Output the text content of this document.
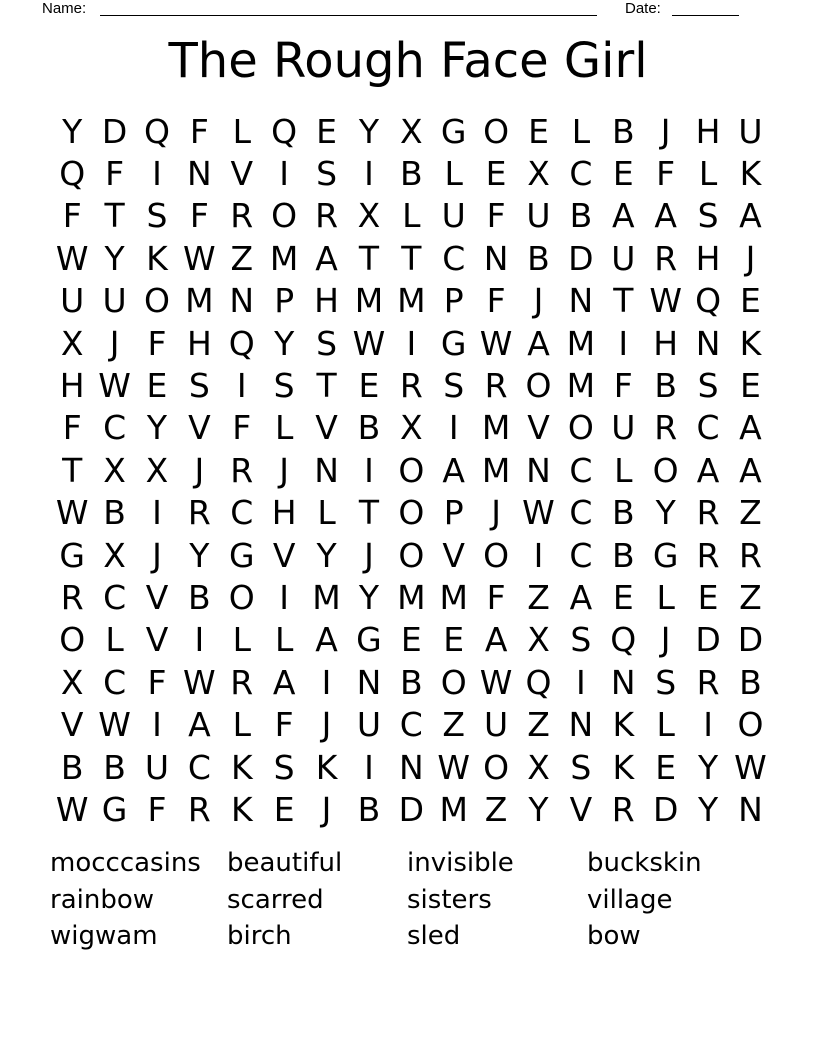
Name:	Date:
The Rough Face Girl
Y D Q F L Q E Y X G O E L B J H U
Q F I N V I S I B L E X C E F L K
F T S F R O R X L U F U B A A S A
W Y K W Z M A T T C N B D U R H J
U U O M N P H M M P F J N T W Q E
X J F H Q Y S W I G W A M I H N K
H W E S I S T E R S R O M F B S E
F C Y V F L V B X I M V O U R C A
T X X J R J N I O A M N C L O A A
W B I R C H L T O P J W C B Y R Z
G X J Y G V Y J O V O I C B G R R
R C V B O I M Y M M F Z A E L E Z
O L V I L L A G E E A X S Q J D D
X C F W R A I N B O W Q I N S R B
V W I A L F J U C Z U Z N K L I O
B B U C K S K I N W O X S K E Y W
W G F R K E J B D M Z Y V R D Y N
mocccasins
rainbow
wigwam
beautiful
scarred
birch
invisible
sisters
sled
buckskin
village
bow
